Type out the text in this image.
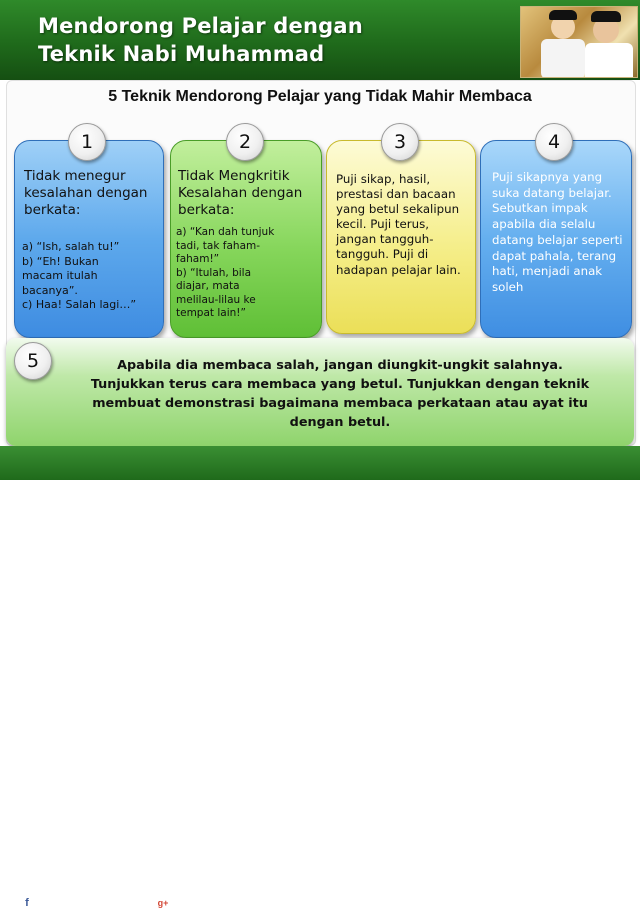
Mendorong Pelajar dengan
Teknik Nabi Muhammad
5 Teknik Mendorong Pelajar yang Tidak Mahir Membaca
1	2	3	4
Tidak menegur kesalahan dengan berkata:
a) “Ish, salah tu!”
b) “Eh! Bukan
macam itulah
bacanya”.
c) Haa! Salah lagi…”
Tidak Mengkritik Kesalahan dengan berkata:
a) “Kan dah tunjuk
tadi, tak faham-
faham!”
b) “Itulah, bila
diajar, mata
melilau-lilau ke
tempat lain!”
Puji sikap, hasil, prestasi dan bacaan yang betul sekalipun kecil. Puji terus, jangan tangguh-tangguh. Puji di hadapan pelajar lain.
Puji sikapnya yang suka datang belajar. Sebutkan impak apabila dia selalu datang belajar seperti dapat pahala, terang hati, menjadi anak soleh
5	Apabila dia membaca salah, jangan diungkit-ungkit salahnya.
Tunjukkan terus cara membaca yang betul. Tunjukkan dengan teknik
membuat demonstrasi bagaimana membaca perkataan atau ayat itu
dengan betul.
f	Nurhidayah Jaafar	g+ ustazah-engineer.blogspot.com	Pengasas Teknik Gaya Nabi Muhammad : Tim Hadith Psikologi
